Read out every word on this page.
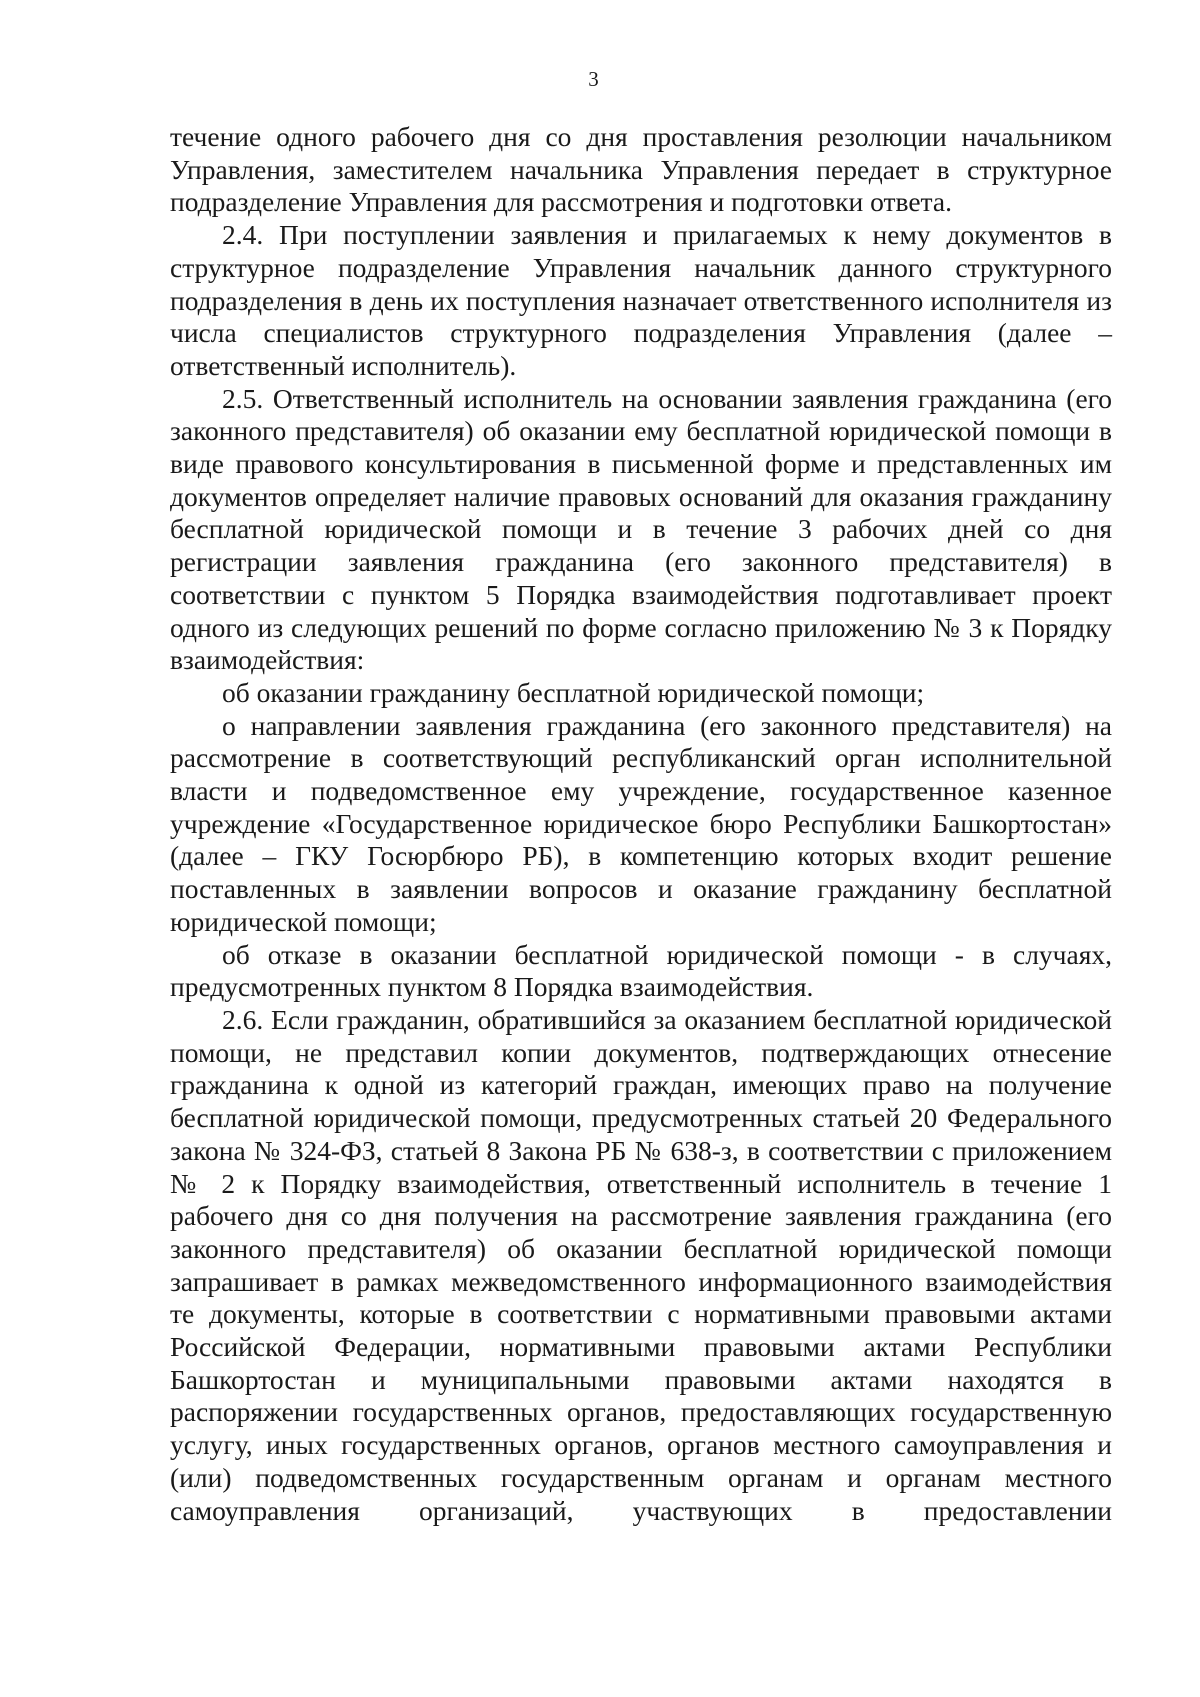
3

течение одного рабочего дня со дня проставления резолюции начальником Управления, заместителем начальника Управления передает в структурное подразделение Управления для рассмотрения и подготовки ответа.

2.4. При поступлении заявления и прилагаемых к нему документов в структурное подразделение Управления начальник данного структурного подразделения в день их поступления назначает ответственного исполнителя из числа специалистов структурного подразделения Управления (далее – ответственный исполнитель).

2.5. Ответственный исполнитель на основании заявления гражданина (его законного представителя) об оказании ему бесплатной юридической помощи в виде правового консультирования в письменной форме и представленных им документов определяет наличие правовых оснований для оказания гражданину бесплатной юридической помощи и в течение 3 рабочих дней со дня регистрации заявления гражданина (его законного представителя) в соответствии с пунктом 5 Порядка взаимодействия подготавливает проект одного из следующих решений по форме согласно приложению № 3 к Порядку взаимодействия:

об оказании гражданину бесплатной юридической помощи;

о направлении заявления гражданина (его законного представителя) на рассмотрение в соответствующий республиканский орган исполнительной власти и подведомственное ему учреждение, государственное казенное учреждение «Государственное юридическое бюро Республики Башкортостан» (далее – ГКУ Госюрбюро РБ), в компетенцию которых входит решение поставленных в заявлении вопросов и оказание гражданину бесплатной юридической помощи;

об отказе в оказании бесплатной юридической помощи - в случаях, предусмотренных пунктом 8 Порядка взаимодействия.

2.6. Если гражданин, обратившийся за оказанием бесплатной юридической помощи, не представил копии документов, подтверждающих отнесение гражданина к одной из категорий граждан, имеющих право на получение бесплатной юридической помощи, предусмотренных статьей 20 Федерального закона № 324-ФЗ, статьей 8 Закона РБ № 638-з, в соответствии с приложением № 2 к Порядку взаимодействия, ответственный исполнитель в течение 1 рабочего дня со дня получения на рассмотрение заявления гражданина (его законного представителя) об оказании бесплатной юридической помощи запрашивает в рамках межведомственного информационного взаимодействия те документы, которые в соответствии с нормативными правовыми актами Российской Федерации, нормативными правовыми актами Республики Башкортостан и муниципальными правовыми актами находятся в распоряжении государственных органов, предоставляющих государственную услугу, иных государственных органов, органов местного самоуправления и (или) подведомственных государственным органам и органам местного самоуправления организаций, участвующих в предоставлении
